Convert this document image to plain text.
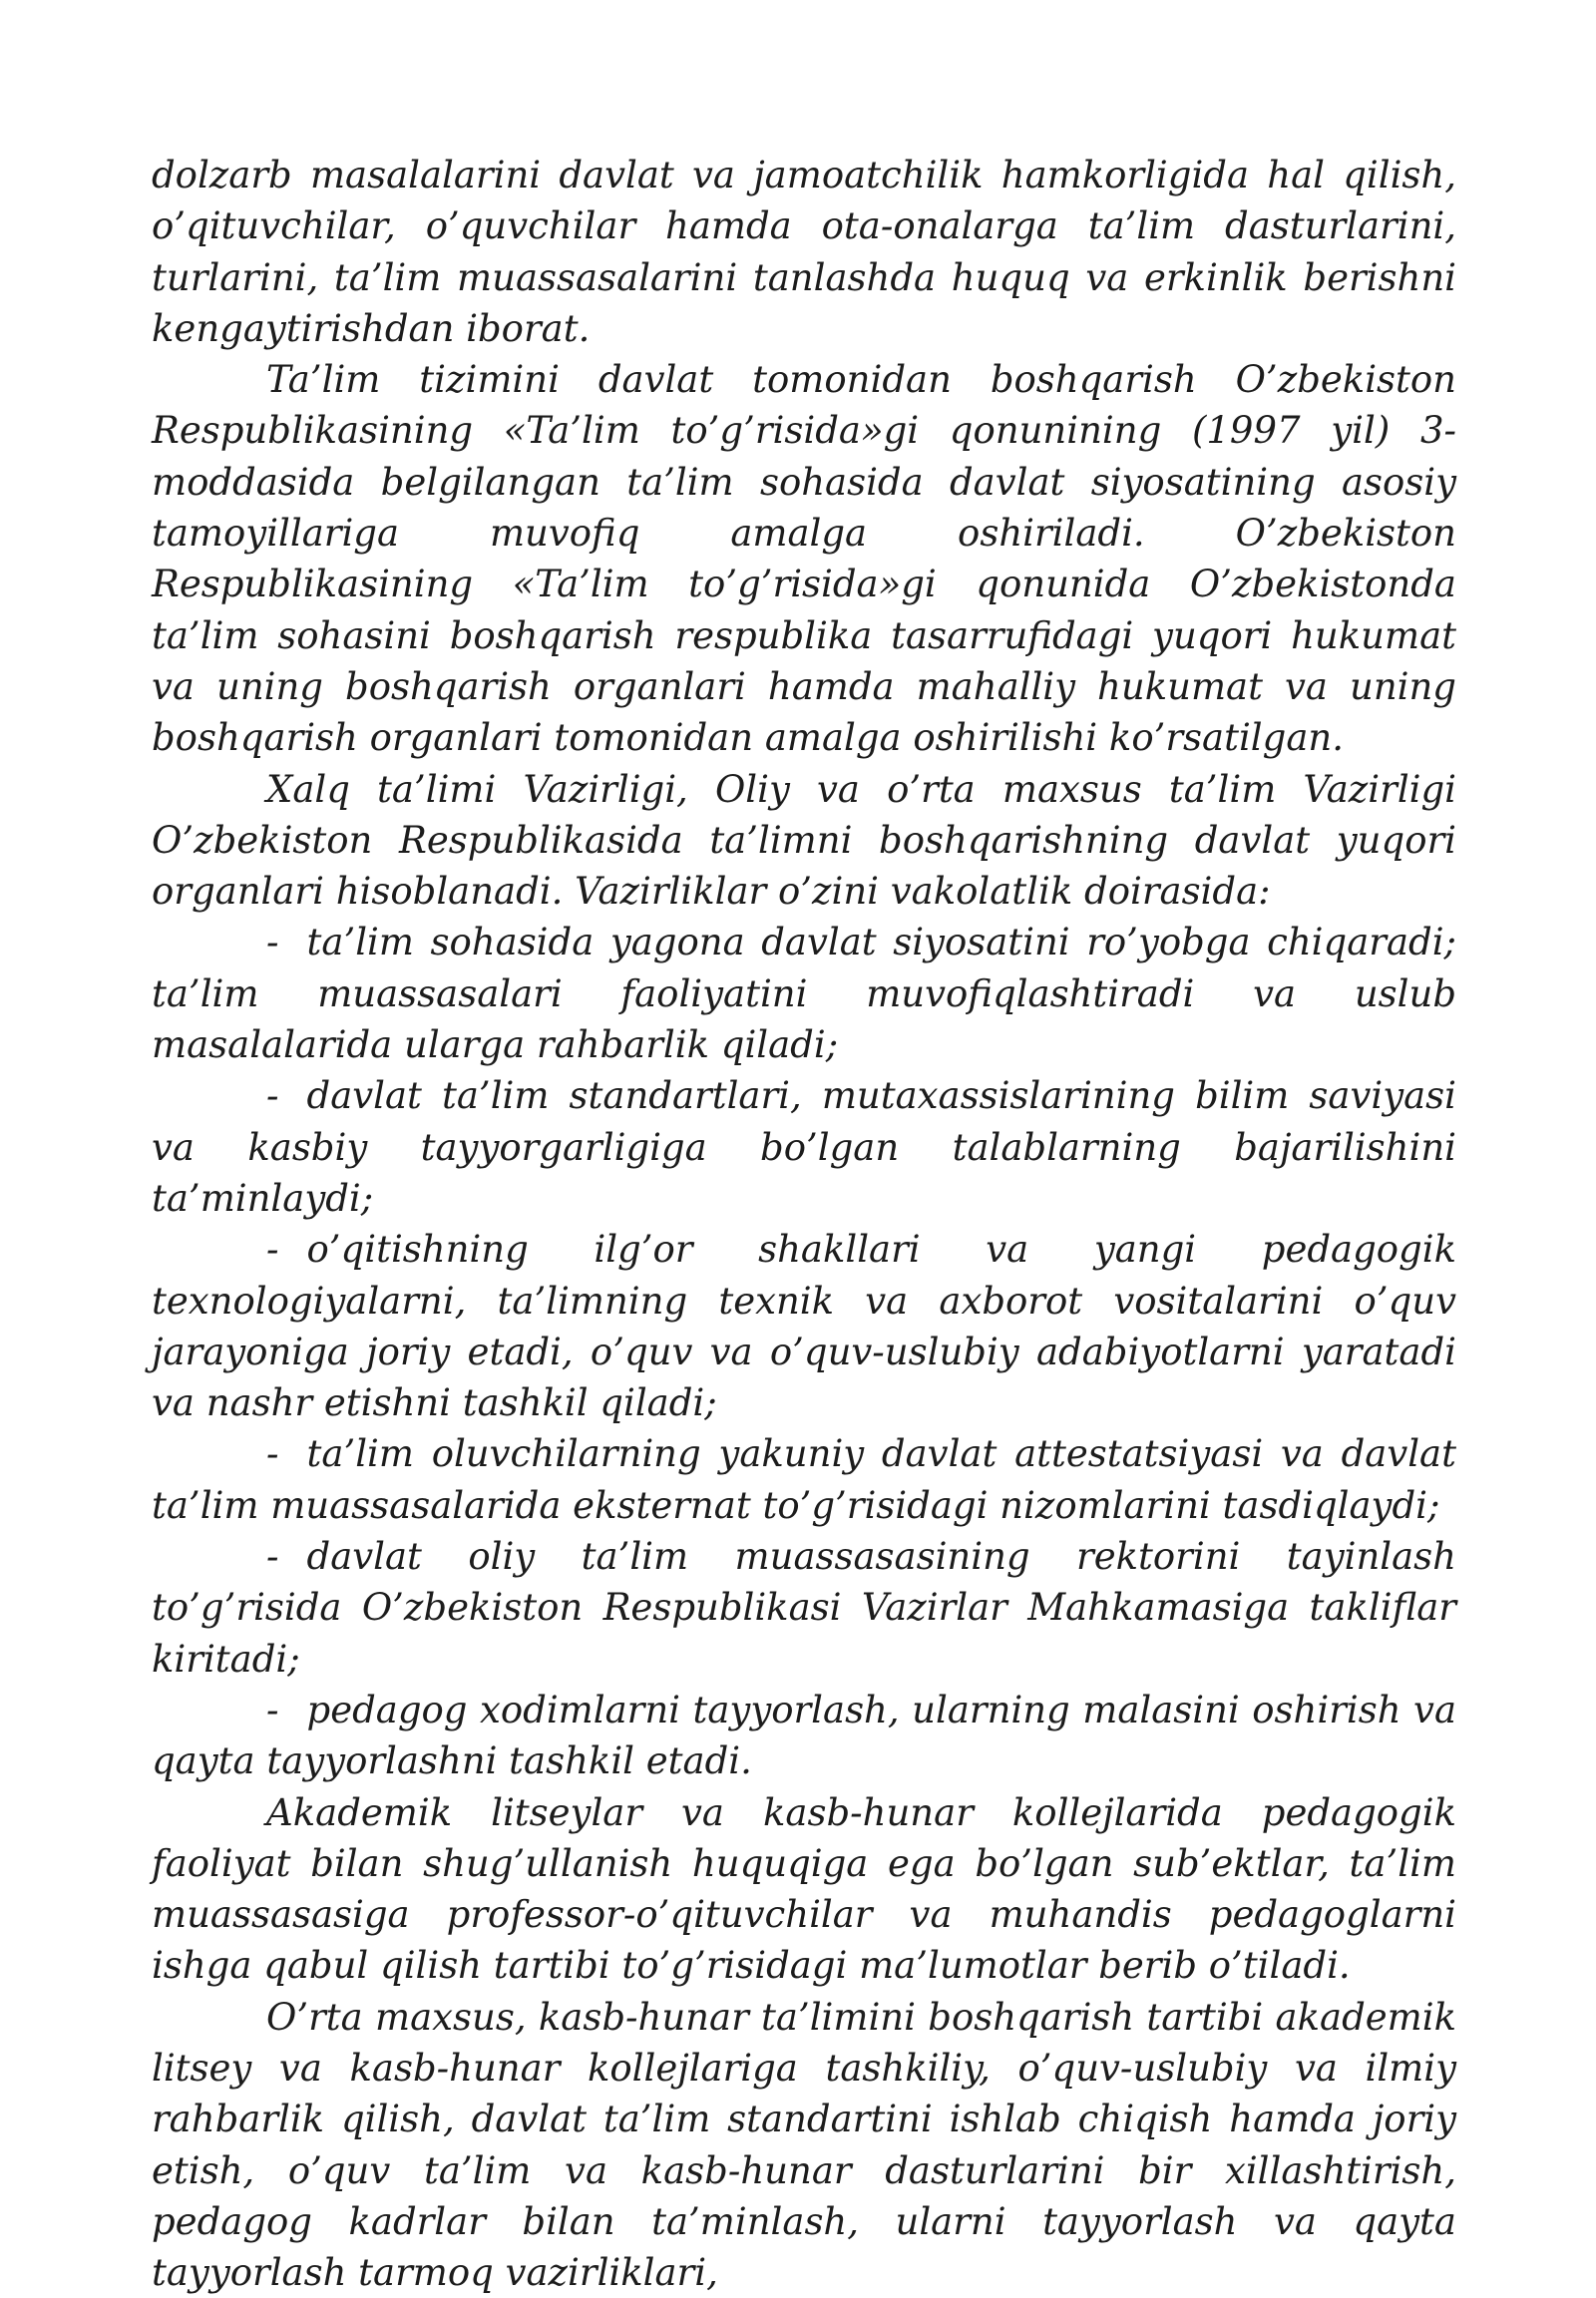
dolzarb masalalarini davlat va jamoatchilik hamkorligida hal qilish, o’qituvchilar, o’quvchilar hamda ota-onalarga ta’lim dasturlarini, turlarini, ta’lim muassasalarini tanlashda huquq va erkinlik berishni kengaytirishdan iborat.

Ta’lim tizimini davlat tomonidan boshqarish O’zbekiston Respublikasining «Ta’lim to’g’risida»gi qonunining (1997 yil) 3-moddasida belgilangan ta’lim sohasida davlat siyosatining asosiy tamoyillariga muvofiq amalga oshiriladi. O’zbekiston Respublikasining «Ta’lim to’g’risida»gi qonunida O’zbekistonda ta’lim sohasini boshqarish respublika tasarrufidagi yuqori hukumat va uning boshqarish organlari hamda mahalliy hukumat va uning boshqarish organlari tomonidan amalga oshirilishi ko’rsatilgan.

Xalq ta’limi Vazirligi, Oliy va o’rta maxsus ta’lim Vazirligi O’zbekiston Respublikasida ta’limni boshqarishning davlat yuqori organlari hisoblanadi. Vazirliklar o’zini vakolatlik doirasida:

- ta’lim sohasida yagona davlat siyosatini ro’yobga chiqaradi; ta’lim muassasalari faoliyatini muvofiqlashtiradi va uslub masalalarida ularga rahbarlik qiladi;

- davlat ta’lim standartlari, mutaxassislarining bilim saviyasi va kasbiy tayyorgarligiga bo’lgan talablarning bajarilishini ta’minlaydi;

- o’qitishning ilg’or shakllari va yangi pedagogik texnologiyalarni, ta’limning texnik va axborot vositalarini o’quv jarayoniga joriy etadi, o’quv va o’quv-uslubiy adabiyotlarni yaratadi va nashr etishni tashkil qiladi;

- ta’lim oluvchilarning yakuniy davlat attestatsiyasi va davlat ta’lim muassasalarida eksternat to’g’risidagi nizomlarini tasdiqlaydi;

- davlat oliy ta’lim muassasasining rektorini tayinlash to’g’risida O’zbekiston Respublikasi Vazirlar Mahkamasiga takliflar kiritadi;

- pedagog xodimlarni tayyorlash, ularning malasini oshirish va qayta tayyorlashni tashkil etadi.

Akademik litseylar va kasb-hunar kollejlarida pedagogik faoliyat bilan shug’ullanish huquqiga ega bo’lgan sub’ektlar, ta’lim muassasasiga professor-o’qituvchilar va muhandis pedagoglarni ishga qabul qilish tartibi to’g’risidagi ma’lumotlar berib o’tiladi.

O’rta maxsus, kasb-hunar ta’limini boshqarish tartibi akademik litsey va kasb-hunar kollejlariga tashkiliy, o’quv-uslubiy va ilmiy rahbarlik qilish, davlat ta’lim standartini ishlab chiqish hamda joriy etish, o’quv ta’lim va kasb-hunar dasturlarini bir xillashtirish, pedagog kadrlar bilan ta’minlash, ularni tayyorlash va qayta tayyorlash tarmoq vazirliklari,
